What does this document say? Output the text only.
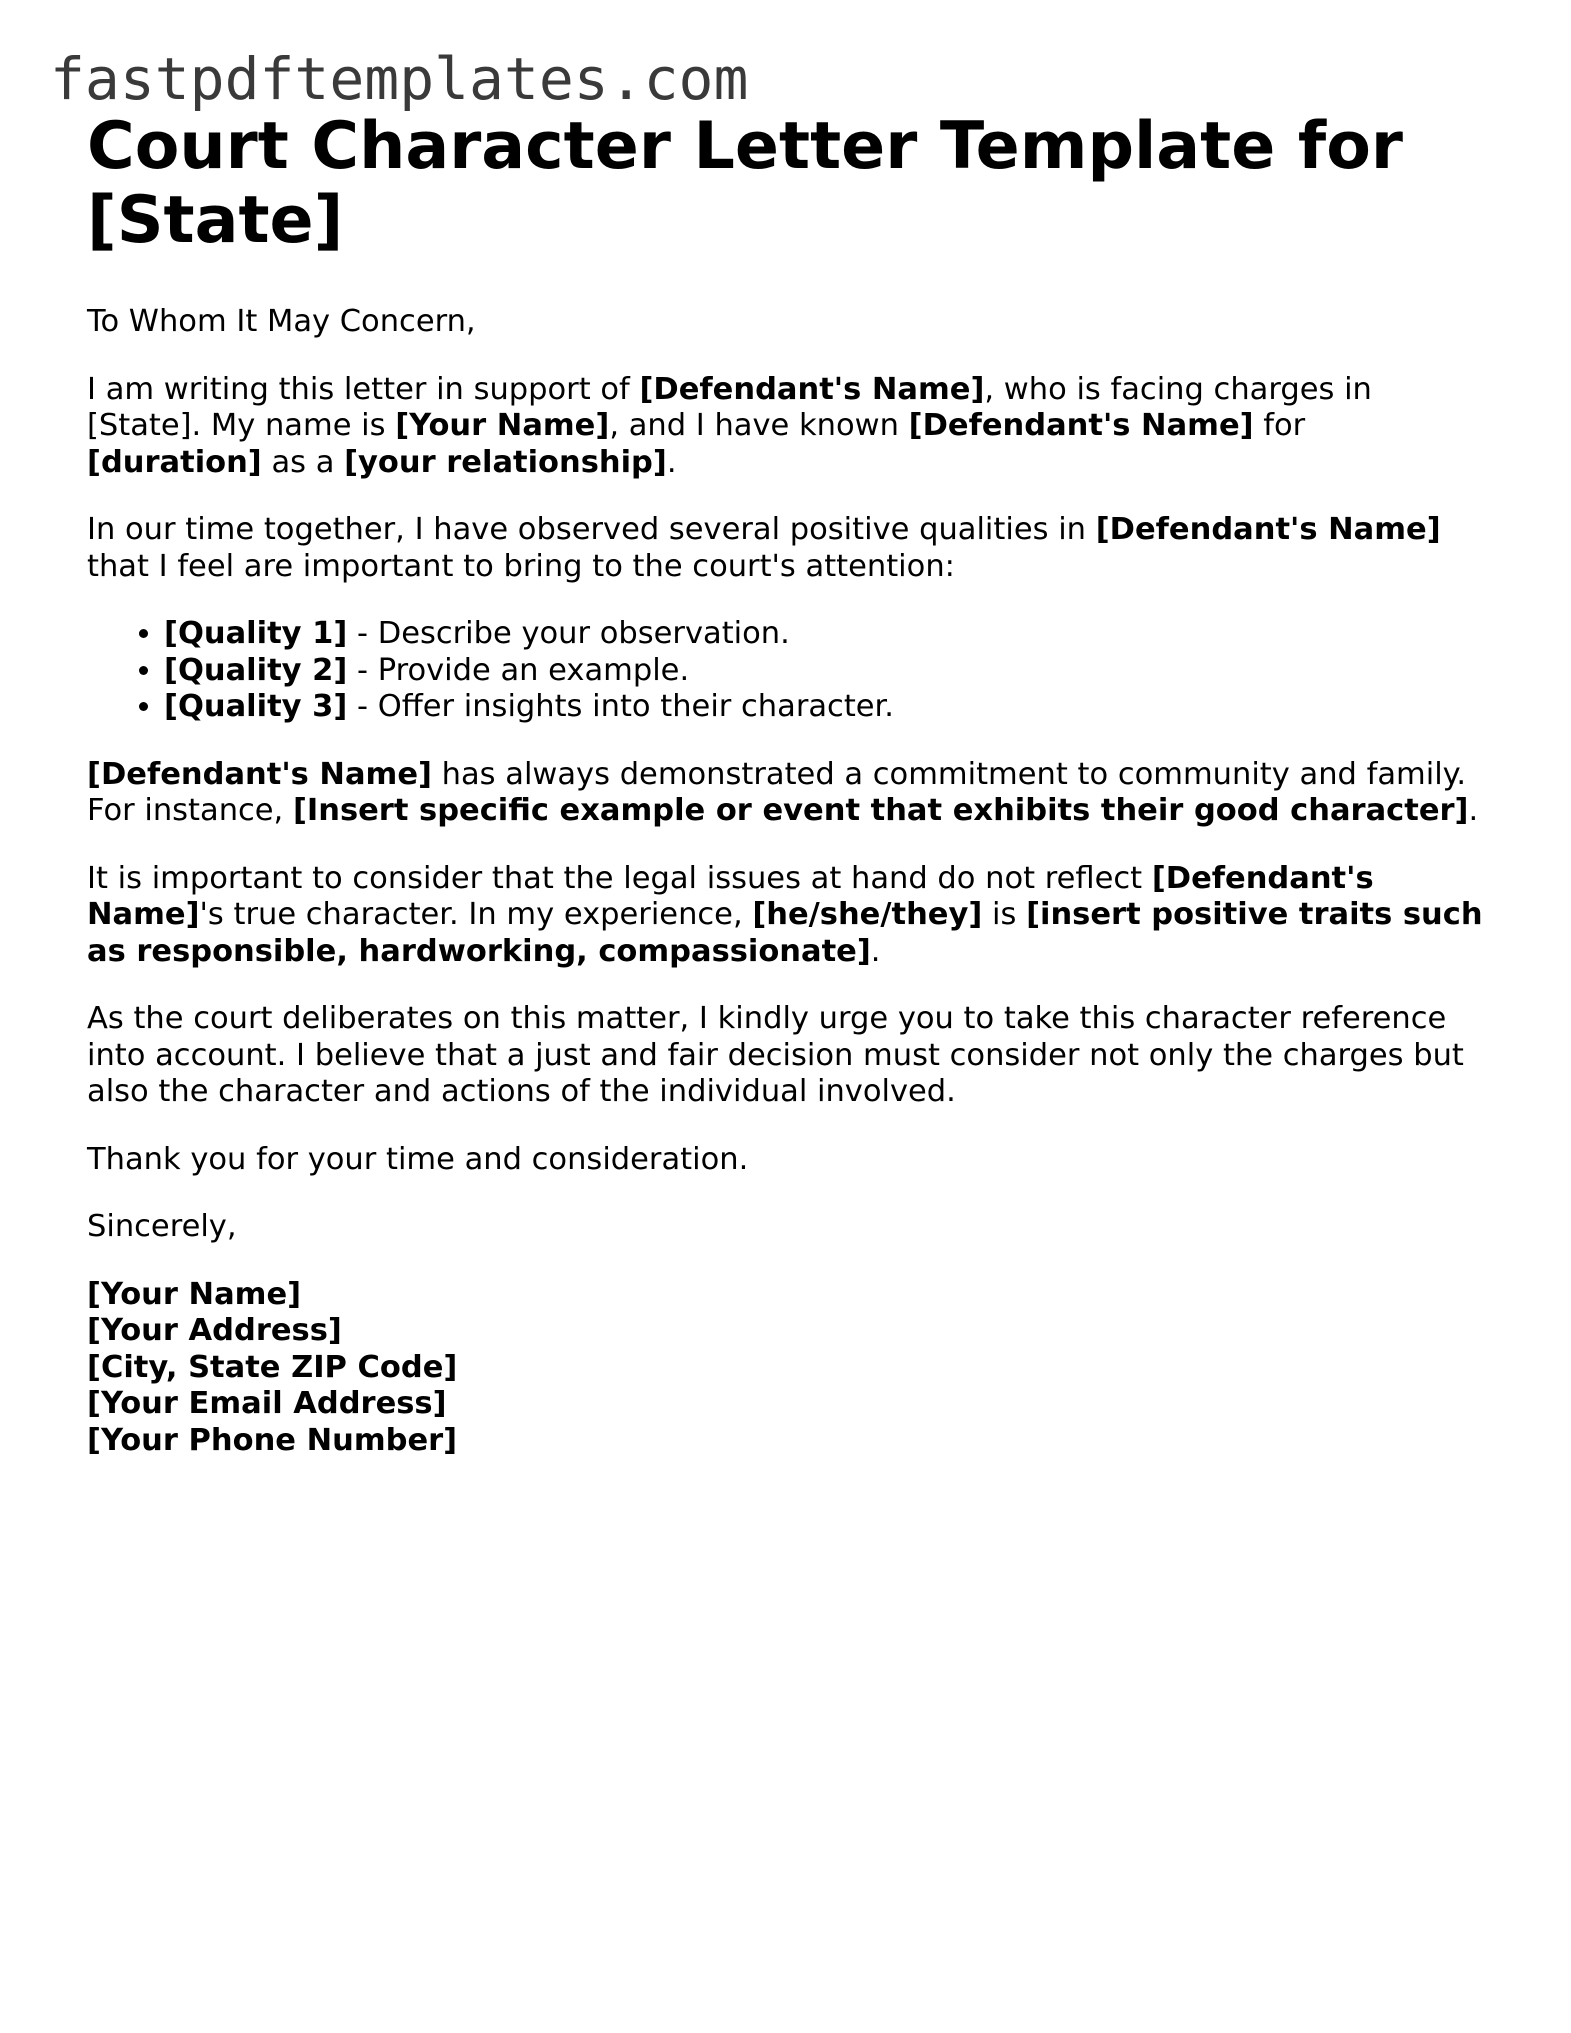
fastpdftemplates.com
Court Character Letter Template for [State]

To Whom It May Concern,

I am writing this letter in support of [Defendant's Name], who is facing charges in [State]. My name is [Your Name], and I have known [Defendant's Name] for [duration] as a [your relationship].

In our time together, I have observed several positive qualities in [Defendant's Name] that I feel are important to bring to the court's attention:

• [Quality 1] - Describe your observation.
• [Quality 2] - Provide an example.
• [Quality 3] - Offer insights into their character.

[Defendant's Name] has always demonstrated a commitment to community and family. For instance, [Insert specific example or event that exhibits their good character].

It is important to consider that the legal issues at hand do not reflect [Defendant's Name]'s true character. In my experience, [he/she/they] is [insert positive traits such as responsible, hardworking, compassionate].

As the court deliberates on this matter, I kindly urge you to take this character reference into account. I believe that a just and fair decision must consider not only the charges but also the character and actions of the individual involved.

Thank you for your time and consideration.

Sincerely,

[Your Name]
[Your Address]
[City, State ZIP Code]
[Your Email Address]
[Your Phone Number]
